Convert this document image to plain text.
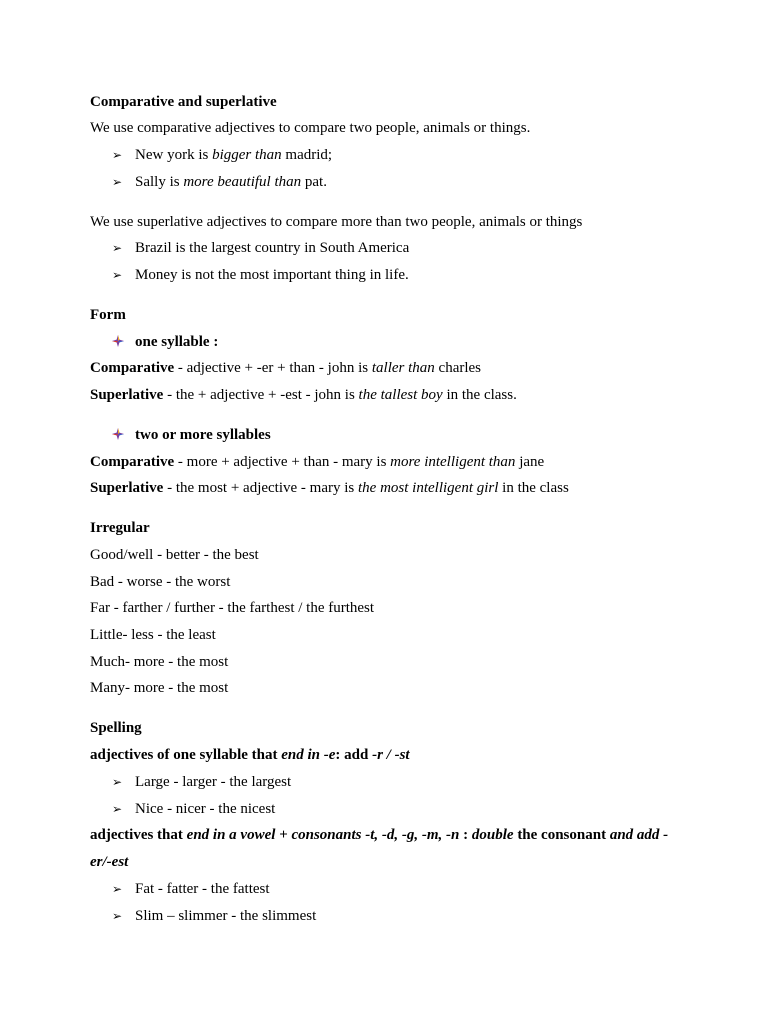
Comparative and superlative
We use comparative adjectives to compare two people, animals or things.
➢ New york is bigger than madrid;
➢ Sally is more beautiful than pat.
We use superlative adjectives to compare more than two people, animals or things
➢ Brazil is the largest country in South America
➢ Money is not the most important thing in life.
Form
one syllable :
Comparative - adjective + -er + than - john is taller than charles
Superlative - the + adjective + -est - john is the tallest boy in the class.
two or more syllables
Comparative - more + adjective + than - mary is more intelligent than jane
Superlative - the most + adjective - mary is the most intelligent girl in the class
Irregular
Good/well - better - the best
Bad - worse - the worst
Far - farther / further - the farthest / the furthest
Little- less - the least
Much- more - the most
Many- more - the most
Spelling
adjectives of one syllable that end in -e: add -r / -st
➢ Large - larger - the largest
➢ Nice - nicer - the nicest
adjectives that end in a vowel + consonants -t, -d, -g, -m, -n : double the consonant and add -
er/-est
➢ Fat - fatter - the fattest
➢ Slim – slimmer - the slimmest
